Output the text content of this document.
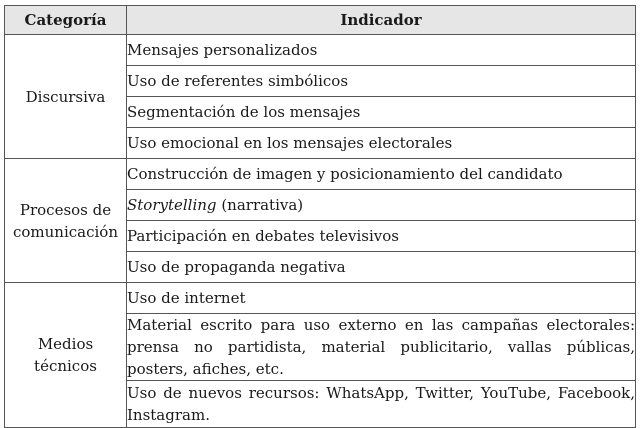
Categoría	Indicador
Discursiva	Mensajes personalizados
	Uso de referentes simbólicos
	Segmentación de los mensajes
	Uso emocional en los mensajes electorales
Procesos de
comunicación	Construcción de imagen y posicionamiento del candidato
	Storytelling (narrativa)
	Participación en debates televisivos
	Uso de propaganda negativa
Medios técnicos	Uso de internet
	Material escrito para uso externo en las campañas electorales: prensa no partidista, material publicitario, vallas públicas, posters, afiches, etc.
	Uso de nuevos recursos: WhatsApp, Twitter, YouTube, Facebook, Instagram.
